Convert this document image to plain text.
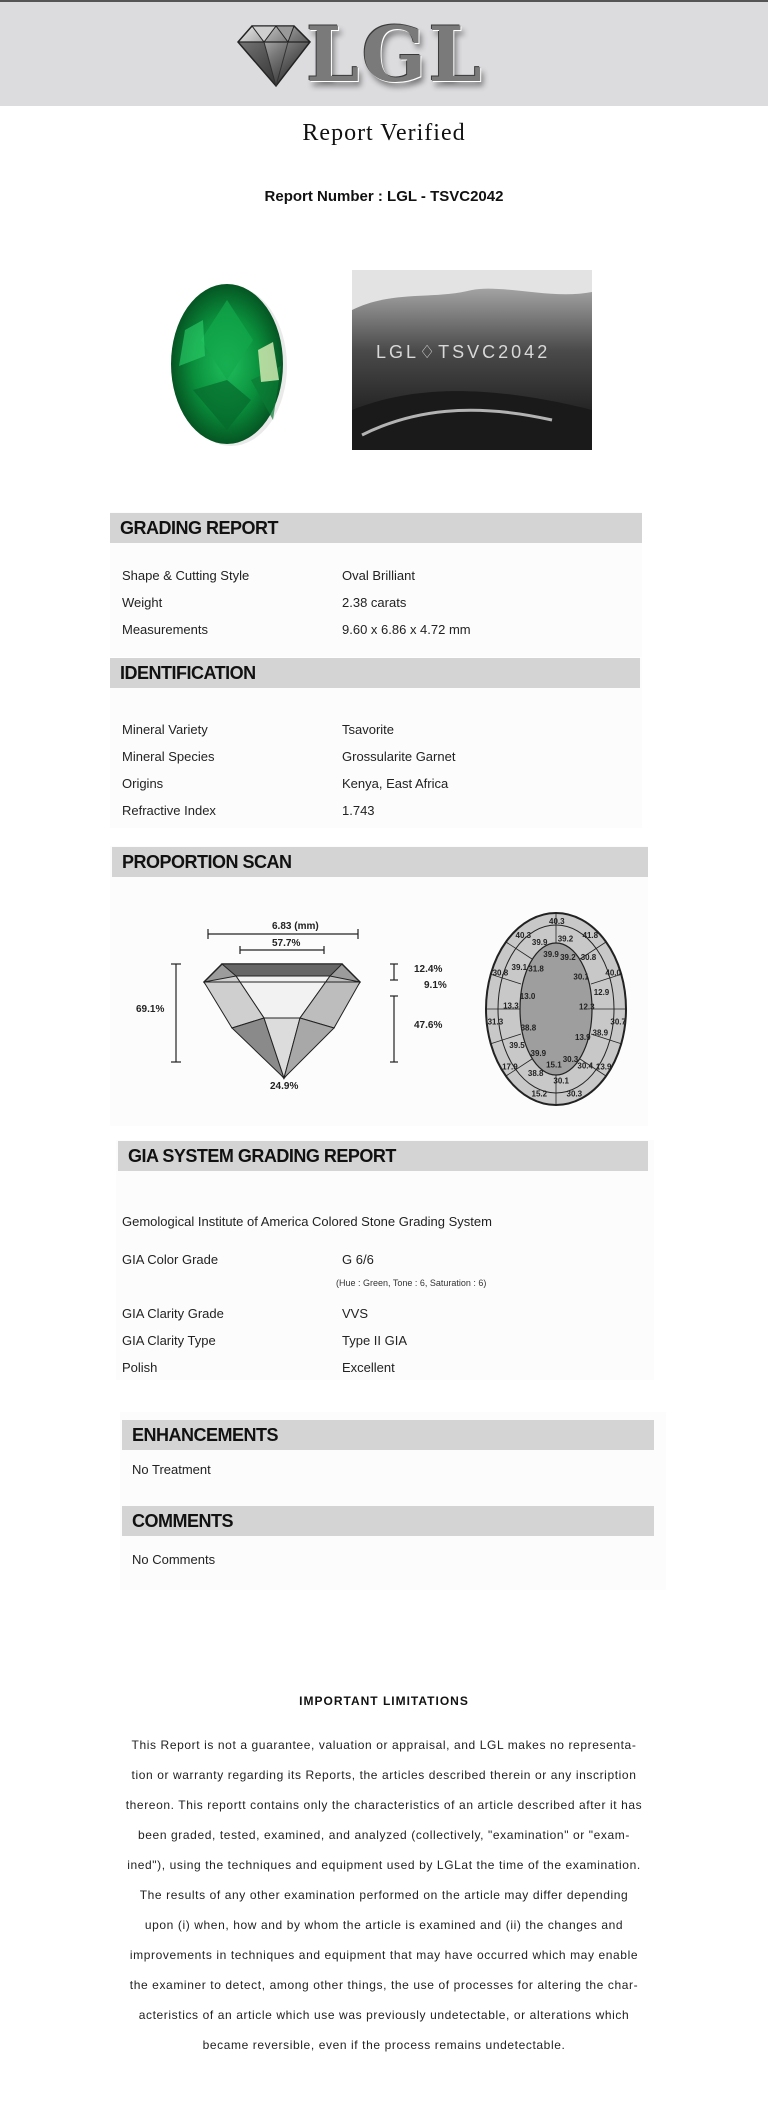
LGL
Report Verified
Report Number : LGL - TSVC2042
LGL♢TSVC2042
GRADING REPORT
Shape & Cutting Style	Oval Brilliant
Weight	2.38 carats
Measurements	9.60 x 6.86 x 4.72 mm
IDENTIFICATION
Mineral Variety	Tsavorite
Mineral Species	Grossularite Garnet
Origins	Kenya, East Africa
Refractive Index	1.743
PROPORTION SCAN
6.83 (mm)
57.7%
69.1%
24.9%
12.4%
9.1%
47.6%
40.3
39.2
39.2
41.8
30.8
30.1 40.0
12.9
12.3
30.7
38.9
13.9
13.9
30.4
30.3
30.3
30.1
15.1
15.2
38.8
39.9
17.9
39.5
38.8
31.3
13.3
13.0
30.8
39.1 31.8
40.3
39.9
39.9
GIA SYSTEM GRADING REPORT
Gemological Institute of America Colored Stone Grading System
GIA Color Grade	G 6/6
(Hue : Green, Tone : 6, Saturation : 6)
GIA Clarity Grade	VVS
GIA Clarity Type	Type II GIA
Polish	Excellent
ENHANCEMENTS
No Treatment
COMMENTS
No Comments
IMPORTANT LIMITATIONS
This Report is not a guarantee, valuation or appraisal, and LGL makes no representa-
tion or warranty regarding its Reports, the articles described therein or any inscription
thereon. This reportt contains only the characteristics of an article described after it has
been graded, tested, examined, and analyzed (collectively, "examination" or "exam-
ined"), using the techniques and equipment used by LGLat the time of the examination.
The results of any other examination performed on the article may differ depending
upon (i) when, how and by whom the article is examined and (ii) the changes and
improvements in techniques and equipment that may have occurred which may enable
the examiner to detect, among other things, the use of processes for altering the char-
acteristics of an article which use was previously undetectable, or alterations which
became reversible, even if the process remains undetectable.
